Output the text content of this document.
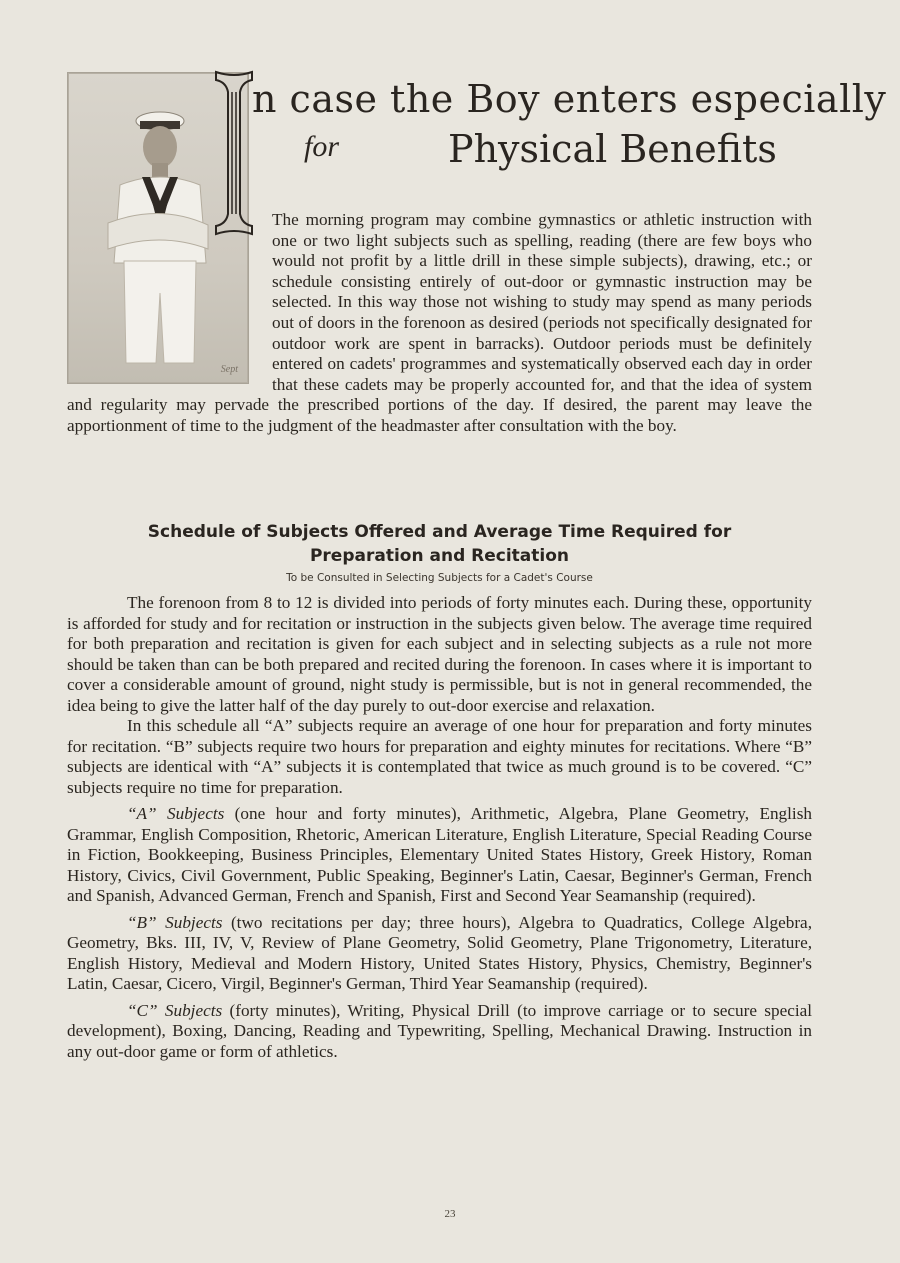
Sept
n case the Boy enters especially
for	Physical Benefits
The morning program may combine gymnastics or athletic instruction with one or two light subjects such as spelling, reading (there are few boys who would not profit by a little drill in these simple subjects), drawing, etc.; or schedule consisting entirely of out-door or gymnastic instruction may be selected. In this way those not wishing to study may spend as many periods out of doors in the forenoon as desired (periods not specifically designated for outdoor work are spent in barracks). Outdoor periods must be definitely entered on cadets' programmes and systematically observed each day in order that these cadets may be properly accounted for, and that the idea of system and regularity may pervade the prescribed portions of the day. If desired, the parent may leave the apportionment of time to the judgment of the headmaster after consultation with the boy.
Schedule of Subjects Offered and Average Time Required for
Preparation and Recitation
To be Consulted in Selecting Subjects for a Cadet's Course

The forenoon from 8 to 12 is divided into periods of forty minutes each. During these, opportunity is afforded for study and for recitation or instruction in the subjects given below. The average time required for both preparation and recitation is given for each subject and in selecting subjects as a rule not more should be taken than can be both prepared and recited during the forenoon. In cases where it is important to cover a considerable amount of ground, night study is permissible, but is not in general recommended, the idea being to give the latter half of the day purely to out-door exercise and relaxation.

In this schedule all “A” subjects require an average of one hour for preparation and forty minutes for recitation. “B” subjects require two hours for preparation and eighty minutes for recitations. Where “B” subjects are identical with “A” subjects it is contemplated that twice as much ground is to be covered. “C” subjects require no time for preparation.

“A” Subjects (one hour and forty minutes), Arithmetic, Algebra, Plane Geometry, English Grammar, English Composition, Rhetoric, American Literature, English Literature, Special Reading Course in Fiction, Bookkeeping, Business Principles, Elementary United States History, Greek History, Roman History, Civics, Civil Government, Public Speaking, Beginner's Latin, Caesar, Beginner's German, French and Spanish, Advanced German, French and Spanish, First and Second Year Seamanship (required).

“B” Subjects (two recitations per day; three hours), Algebra to Quadratics, College Algebra, Geometry, Bks. III, IV, V, Review of Plane Geometry, Solid Geometry, Plane Trigonometry, Literature, English History, Medieval and Modern History, United States History, Physics, Chemistry, Beginner's Latin, Caesar, Cicero, Virgil, Beginner's German, Third Year Seamanship (required).

“C” Subjects (forty minutes), Writing, Physical Drill (to improve carriage or to secure special development), Boxing, Dancing, Reading and Typewriting, Spelling, Mechanical Drawing. Instruction in any out-door game or form of athletics.

23
